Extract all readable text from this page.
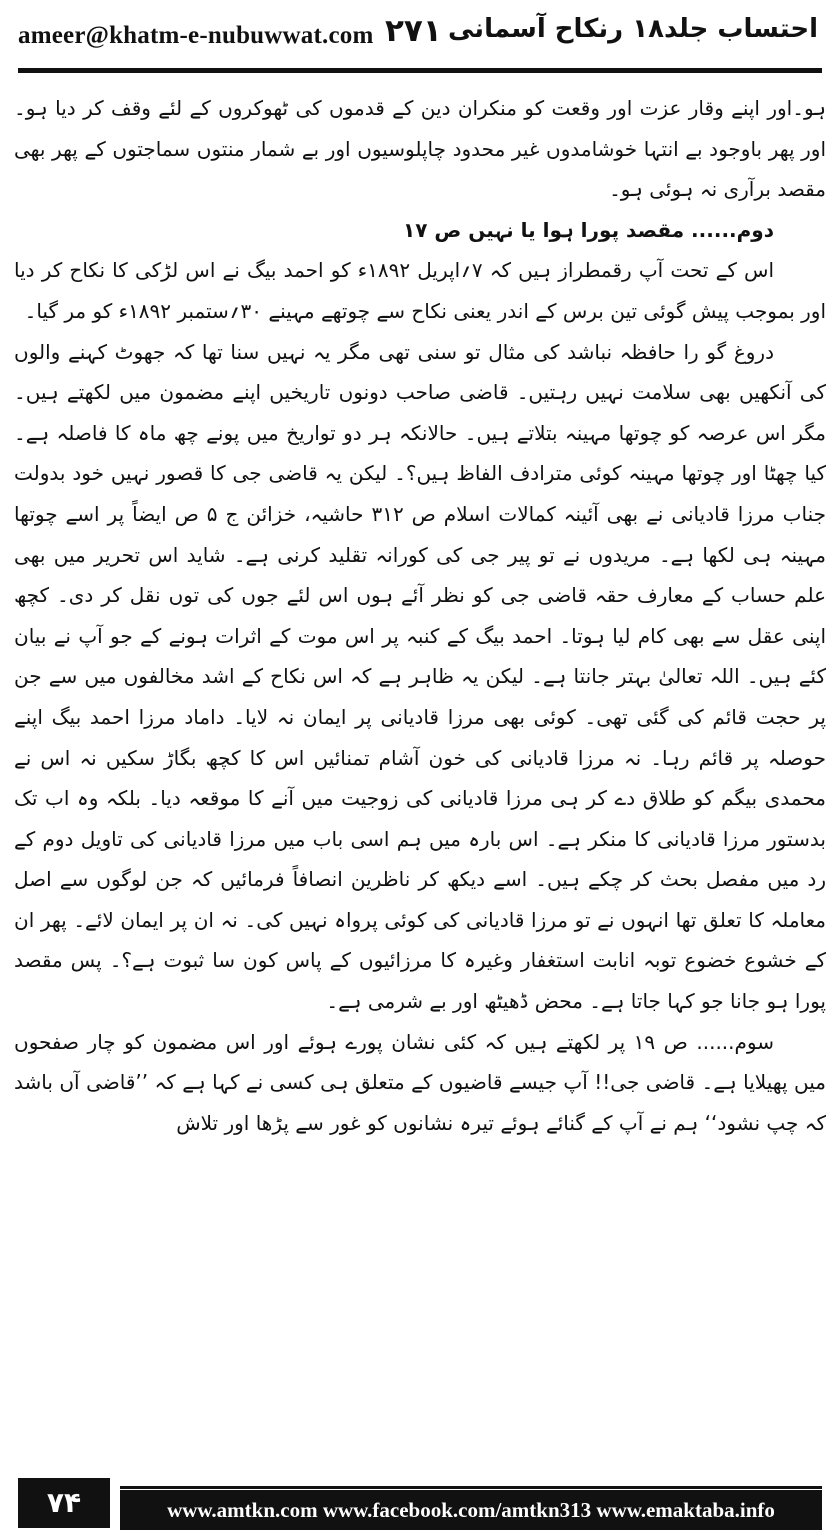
ameer@khatm-e-nubuwwat.com ۲۷۱ احتساب جلد۱۸ رنکاح آسمانی

ہو۔اور اپنے وقار عزت اور وقعت کو منکران دین کے قدموں کی ٹھوکروں کے لئے وقف کر دیا ہو۔ اور پھر باوجود بے انتہا خوشامدوں غیر محدود چاپلوسیوں اور بے شمار منتوں سماجتوں کے پھر بھی مقصد برآری نہ ہوئی ہو۔

دوم...... مقصد پورا ہوا یا نہیں ص ۱۷

اس کے تحت آپ رقمطراز ہیں کہ ۷؍اپریل ۱۸۹۲ء کو احمد بیگ نے اس لڑکی کا نکاح کر دیا اور بموجب پیش گوئی تین برس کے اندر یعنی نکاح سے چوتھے مہینے ۳۰؍ستمبر ۱۸۹۲ء کو مر گیا۔

دروغ گو را حافظہ نباشد کی مثال تو سنی تھی مگر یہ نہیں سنا تھا کہ جھوٹ کہنے والوں کی آنکھیں بھی سلامت نہیں رہتیں۔ قاضی صاحب دونوں تاریخیں اپنے مضمون میں لکھتے ہیں۔ مگر اس عرصہ کو چوتھا مہینہ بتلاتے ہیں۔ حالانکہ ہر دو تواریخ میں پونے چھ ماہ کا فاصلہ ہے۔ کیا چھٹا اور چوتھا مہینہ کوئی مترادف الفاظ ہیں؟۔ لیکن یہ قاضی جی کا قصور نہیں خود بدولت جناب مرزا قادیانی نے بھی آئینہ کمالات اسلام ص ۳۱۲ حاشیہ، خزائن ج ۵ ص ایضاً پر اسے چوتھا مہینہ ہی لکھا ہے۔ مریدوں نے تو پیر جی کی کورانہ تقلید کرنی ہے۔ شاید اس تحریر میں بھی علم حساب کے معارف حقہ قاضی جی کو نظر آئے ہوں اس لئے جوں کی توں نقل کر دی۔ کچھ اپنی عقل سے بھی کام لیا ہوتا۔ احمد بیگ کے کنبہ پر اس موت کے اثرات ہونے کے جو آپ نے بیان کئے ہیں۔ اللہ تعالیٰ بہتر جانتا ہے۔ لیکن یہ ظاہر ہے کہ اس نکاح کے اشد مخالفوں میں سے جن پر حجت قائم کی گئی تھی۔ کوئی بھی مرزا قادیانی پر ایمان نہ لایا۔ داماد مرزا احمد بیگ اپنے حوصلہ پر قائم رہا۔ نہ مرزا قادیانی کی خون آشام تمنائیں اس کا کچھ بگاڑ سکیں نہ اس نے محمدی بیگم کو طلاق دے کر ہی مرزا قادیانی کی زوجیت میں آنے کا موقعہ دیا۔ بلکہ وہ اب تک بدستور مرزا قادیانی کا منکر ہے۔ اس بارہ میں ہم اسی باب میں مرزا قادیانی کی تاویل دوم کے رد میں مفصل بحث کر چکے ہیں۔ اسے دیکھ کر ناظرین انصافاً فرمائیں کہ جن لوگوں سے اصل معاملہ کا تعلق تھا انہوں نے تو مرزا قادیانی کی کوئی پرواہ نہیں کی۔ نہ ان پر ایمان لائے۔ پھر ان کے خشوع خضوع توبہ انابت استغفار وغیرہ کا مرزائیوں کے پاس کون سا ثبوت ہے؟۔ پس مقصد پورا ہو جانا جو کہا جاتا ہے۔ محض ڈھیٹھ اور بے شرمی ہے۔

سوم...... ص ۱۹ پر لکھتے ہیں کہ کئی نشان پورے ہوئے اور اس مضمون کو چار صفحوں میں پھیلایا ہے۔ قاضی جی!! آپ جیسے قاضیوں کے متعلق ہی کسی نے کہا ہے کہ ’’قاضی آں باشد کہ چپ نشود‘‘ ہم نے آپ کے گنائے ہوئے تیرہ نشانوں کو غور سے پڑھا اور تلاش

۷۴	www.amtkn.com www.facebook.com/amtkn313 www.emaktaba.info
